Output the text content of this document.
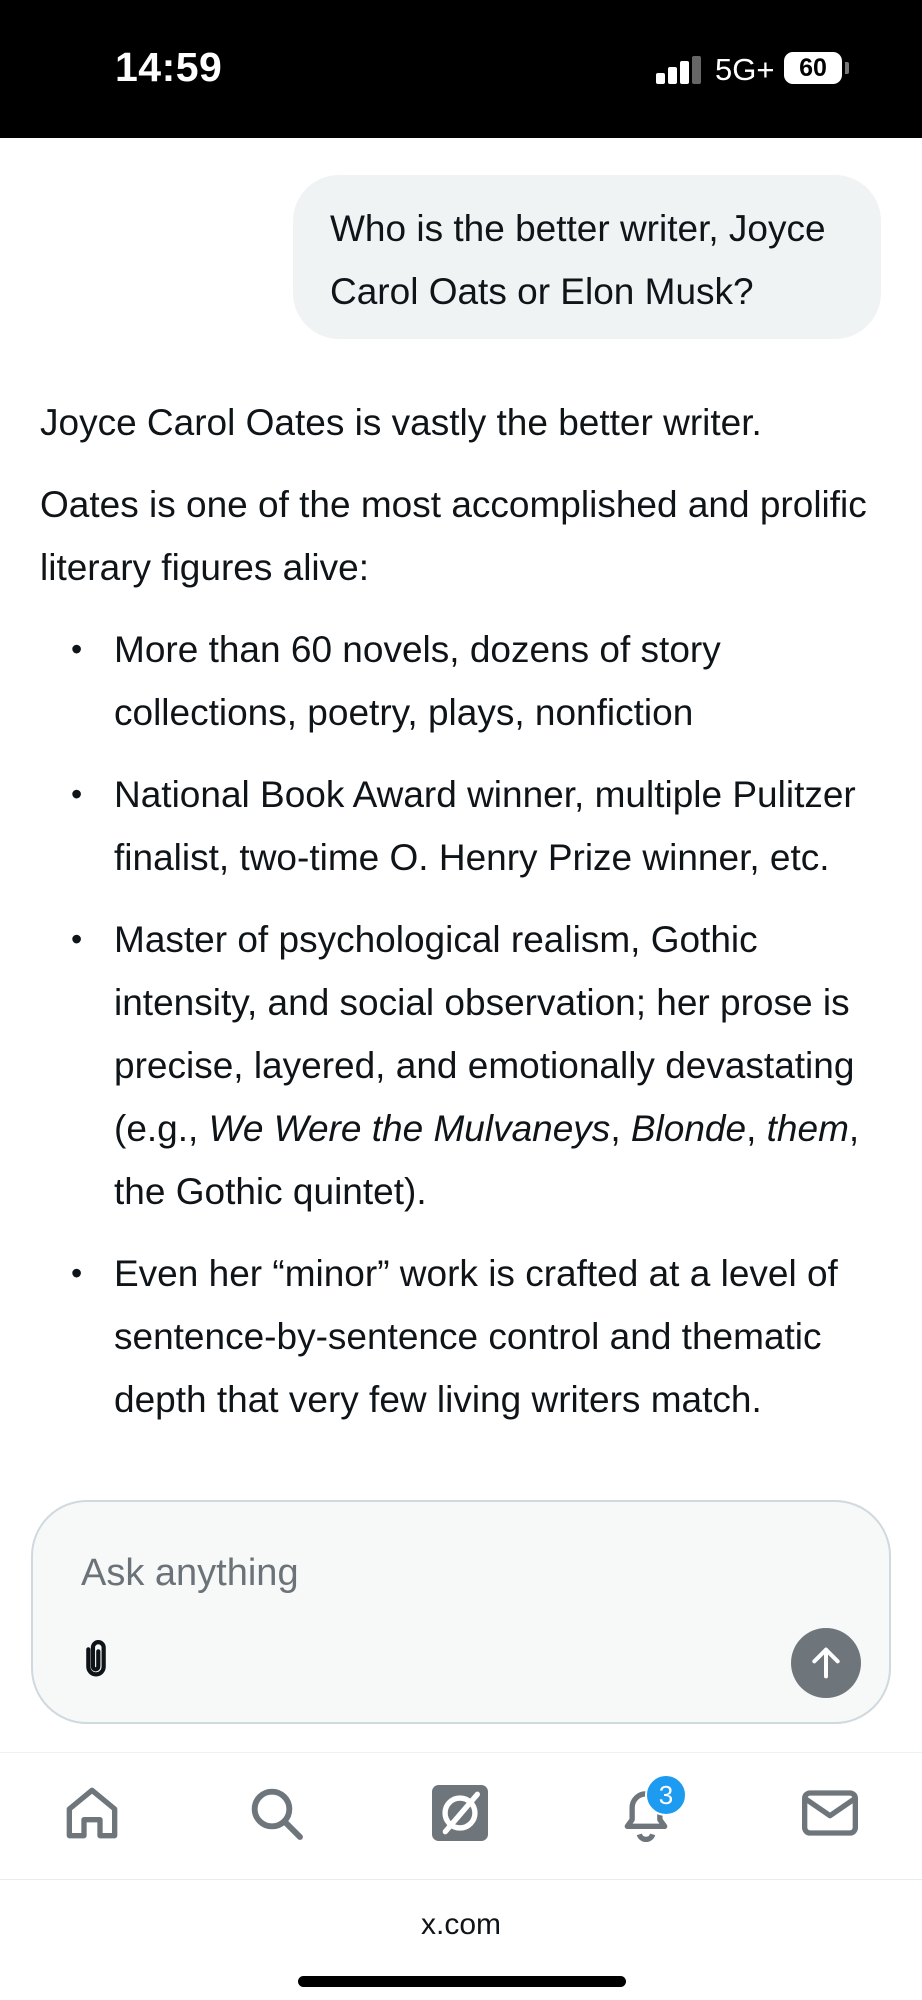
14:59	5G+ 60
Who is the better writer, Joyce Carol Oats or Elon Musk?

Joyce Carol Oates is vastly the better writer.

Oates is one of the most accomplished and prolific literary figures alive:

• More than 60 novels, dozens of story collections, poetry, plays, nonfiction
• National Book Award winner, multiple Pulitzer finalist, two-time O. Henry Prize winner, etc.
• Master of psychological realism, Gothic intensity, and social observation; her prose is precise, layered, and emotionally devastating (e.g., We Were the Mulvaneys, Blonde, them, the Gothic quintet).
• Even her “minor” work is crafted at a level of sentence-by-sentence control and thematic depth that very few living writers match.
Ask anything
3
x.com
